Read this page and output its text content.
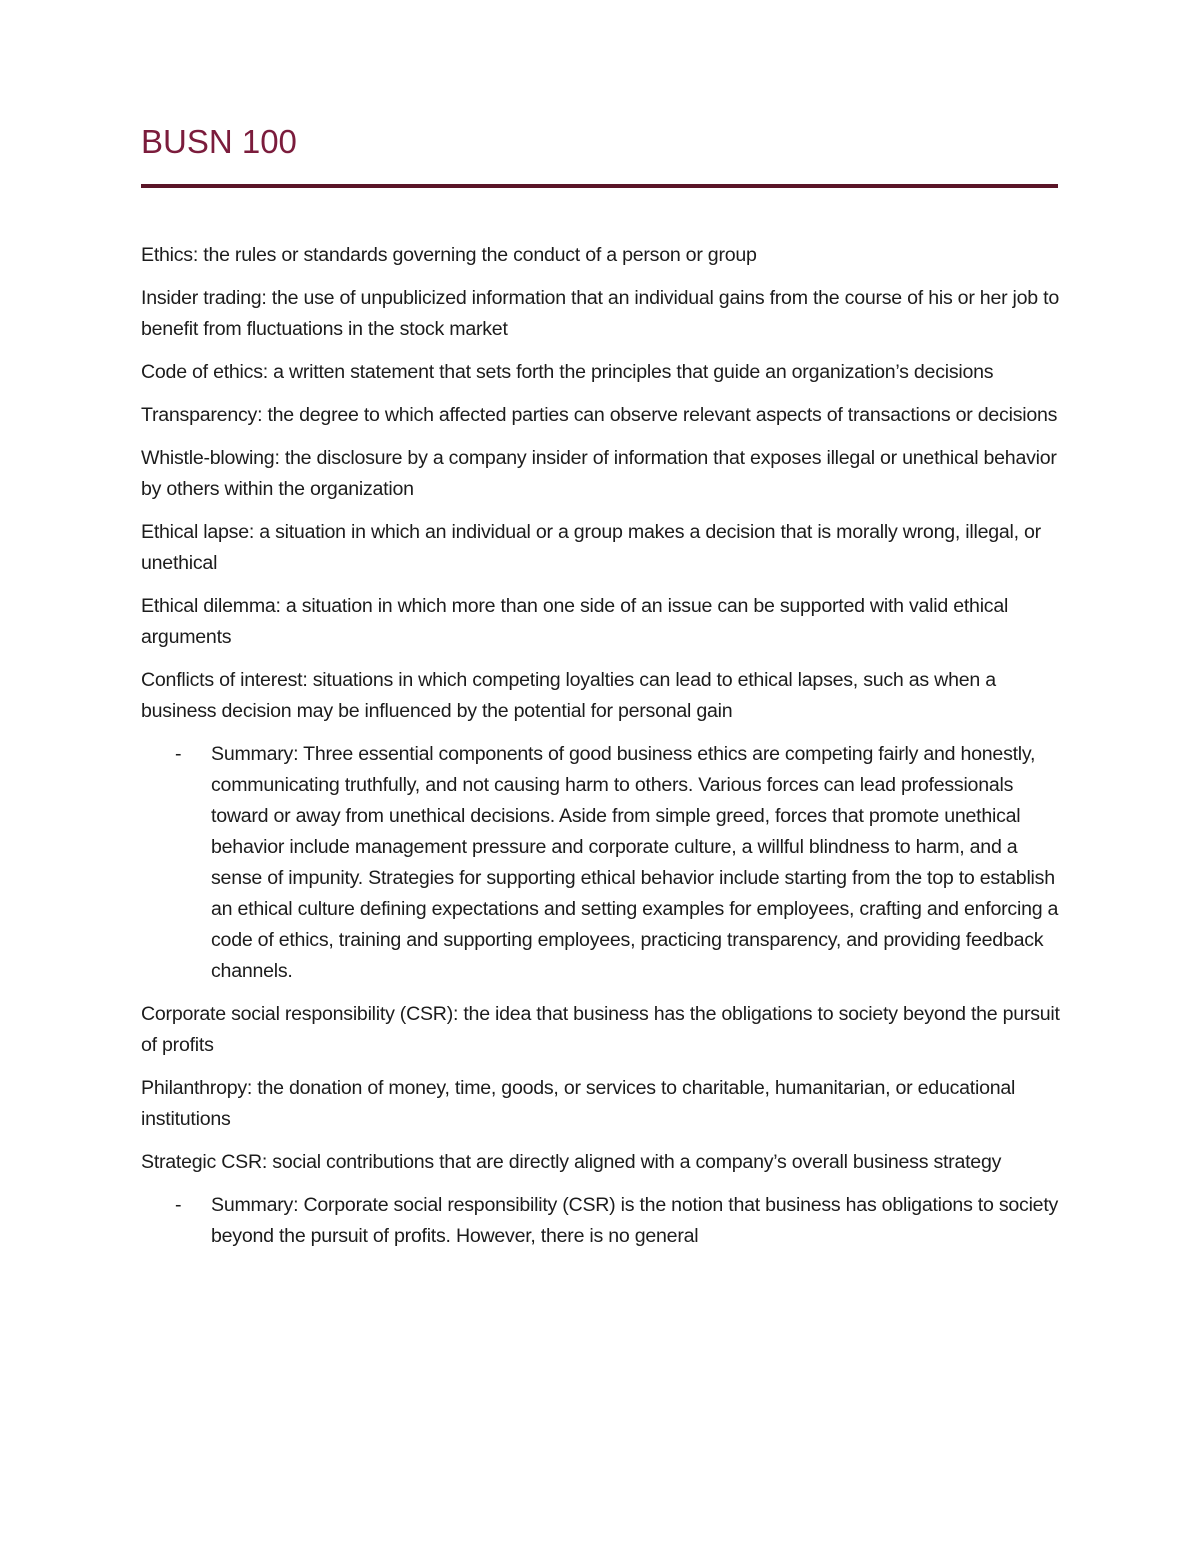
BUSN 100

Ethics: the rules or standards governing the conduct of a person or group

Insider trading: the use of unpublicized information that an individual gains from the course of his or her job to benefit from fluctuations in the stock market

Code of ethics: a written statement that sets forth the principles that guide an organization’s decisions

Transparency: the degree to which affected parties can observe relevant aspects of transactions or decisions

Whistle-blowing: the disclosure by a company insider of information that exposes illegal or unethical behavior by others within the organization

Ethical lapse: a situation in which an individual or a group makes a decision that is morally wrong, illegal, or unethical

Ethical dilemma: a situation in which more than one side of an issue can be supported with valid ethical arguments

Conflicts of interest: situations in which competing loyalties can lead to ethical lapses, such as when a business decision may be influenced by the potential for personal gain

- Summary: Three essential components of good business ethics are competing fairly and honestly, communicating truthfully, and not causing harm to others. Various forces can lead professionals toward or away from unethical decisions. Aside from simple greed, forces that promote unethical behavior include management pressure and corporate culture, a willful blindness to harm, and a sense of impunity. Strategies for supporting ethical behavior include starting from the top to establish an ethical culture defining expectations and setting examples for employees, crafting and enforcing a code of ethics, training and supporting employees, practicing transparency, and providing feedback channels.

Corporate social responsibility (CSR): the idea that business has the obligations to society beyond the pursuit of profits

Philanthropy: the donation of money, time, goods, or services to charitable, humanitarian, or educational institutions

Strategic CSR: social contributions that are directly aligned with a company’s overall business strategy

- Summary: Corporate social responsibility (CSR) is the notion that business has obligations to society beyond the pursuit of profits. However, there is no general
